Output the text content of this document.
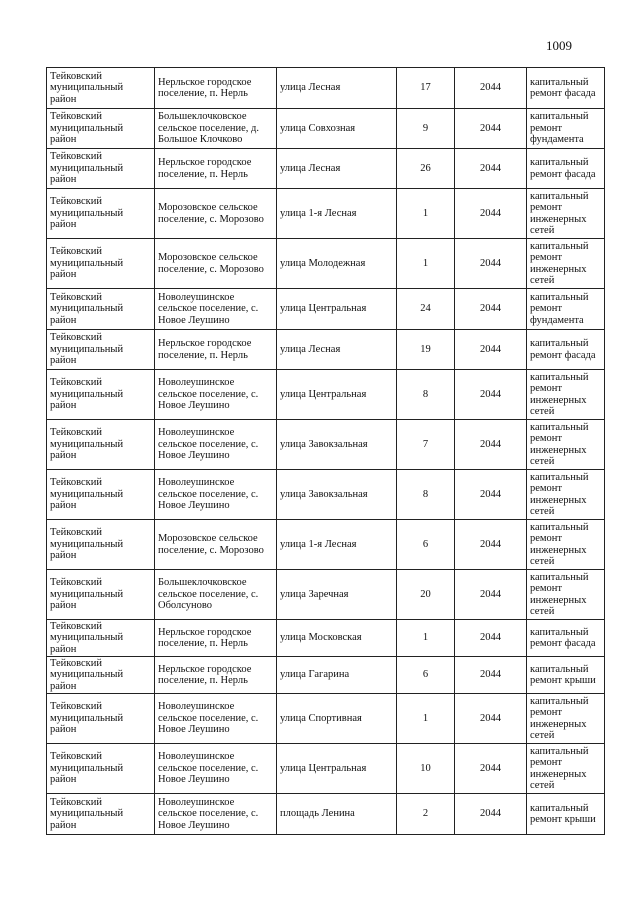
1009
Тейковский муниципальный район	Нерльское городское поселение, п. Нерль	улица Лесная	17	2044	капитальный ремонт фасада
Тейковский муниципальный район	Большеклочковское сельское поселение, д. Большое Клочково	улица Совхозная	9	2044	капитальный ремонт фундамента
Тейковский муниципальный район	Нерльское городское поселение, п. Нерль	улица Лесная	26	2044	капитальный ремонт фасада
Тейковский муниципальный район	Морозовское сельское поселение, с. Морозово	улица 1-я Лесная	1	2044	капитальный ремонт инженерных сетей
Тейковский муниципальный район	Морозовское сельское поселение, с. Морозово	улица Молодежная	1	2044	капитальный ремонт инженерных сетей
Тейковский муниципальный район	Новолеушинское сельское поселение, с. Новое Леушино	улица Центральная	24	2044	капитальный ремонт фундамента
Тейковский муниципальный район	Нерльское городское поселение, п. Нерль	улица Лесная	19	2044	капитальный ремонт фасада
Тейковский муниципальный район	Новолеушинское сельское поселение, с. Новое Леушино	улица Центральная	8	2044	капитальный ремонт инженерных сетей
Тейковский муниципальный район	Новолеушинское сельское поселение, с. Новое Леушино	улица Завокзальная	7	2044	капитальный ремонт инженерных сетей
Тейковский муниципальный район	Новолеушинское сельское поселение, с. Новое Леушино	улица Завокзальная	8	2044	капитальный ремонт инженерных сетей
Тейковский муниципальный район	Морозовское сельское поселение, с. Морозово	улица 1-я Лесная	6	2044	капитальный ремонт инженерных сетей
Тейковский муниципальный район	Большеклочковское сельское поселение, с. Оболсуново	улица Заречная	20	2044	капитальный ремонт инженерных сетей
Тейковский муниципальный район	Нерльское городское поселение, п. Нерль	улица Московская	1	2044	капитальный ремонт фасада
Тейковский муниципальный район	Нерльское городское поселение, п. Нерль	улица Гагарина	6	2044	капитальный ремонт крыши
Тейковский муниципальный район	Новолеушинское сельское поселение, с. Новое Леушино	улица Спортивная	1	2044	капитальный ремонт инженерных сетей
Тейковский муниципальный район	Новолеушинское сельское поселение, с. Новое Леушино	улица Центральная	10	2044	капитальный ремонт инженерных сетей
Тейковский муниципальный район	Новолеушинское сельское поселение, с. Новое Леушино	площадь Ленина	2	2044	капитальный ремонт крыши
